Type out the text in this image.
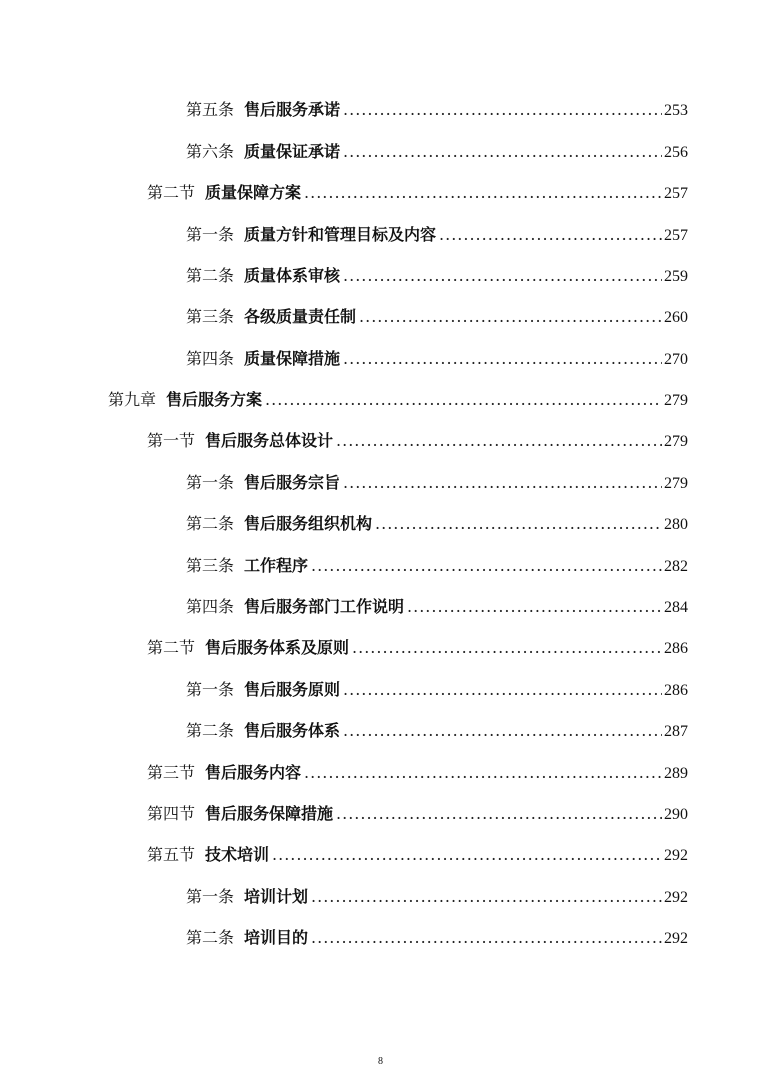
第五条 售后服务承诺 .....	253
第六条 质量保证承诺 .....	256
第二节 质量保障方案 .....	257
第一条 质量方针和管理目标及内容 .....	257
第二条 质量体系审核 .....	259
第三条 各级质量责任制 .....	260
第四条 质量保障措施 .....	270
第九章 售后服务方案 .....	279
第一节 售后服务总体设计 .....	279
第一条 售后服务宗旨 .....	279
第二条 售后服务组织机构 .....	280
第三条 工作程序 .....	282
第四条 售后服务部门工作说明 .....	284
第二节 售后服务体系及原则 .....	286
第一条 售后服务原则 .....	286
第二条 售后服务体系 .....	287
第三节 售后服务内容 .....	289
第四节 售后服务保障措施 .....	290
第五节 技术培训 .....	292
第一条 培训计划 .....	292
第二条 培训目的 .....	292
8
